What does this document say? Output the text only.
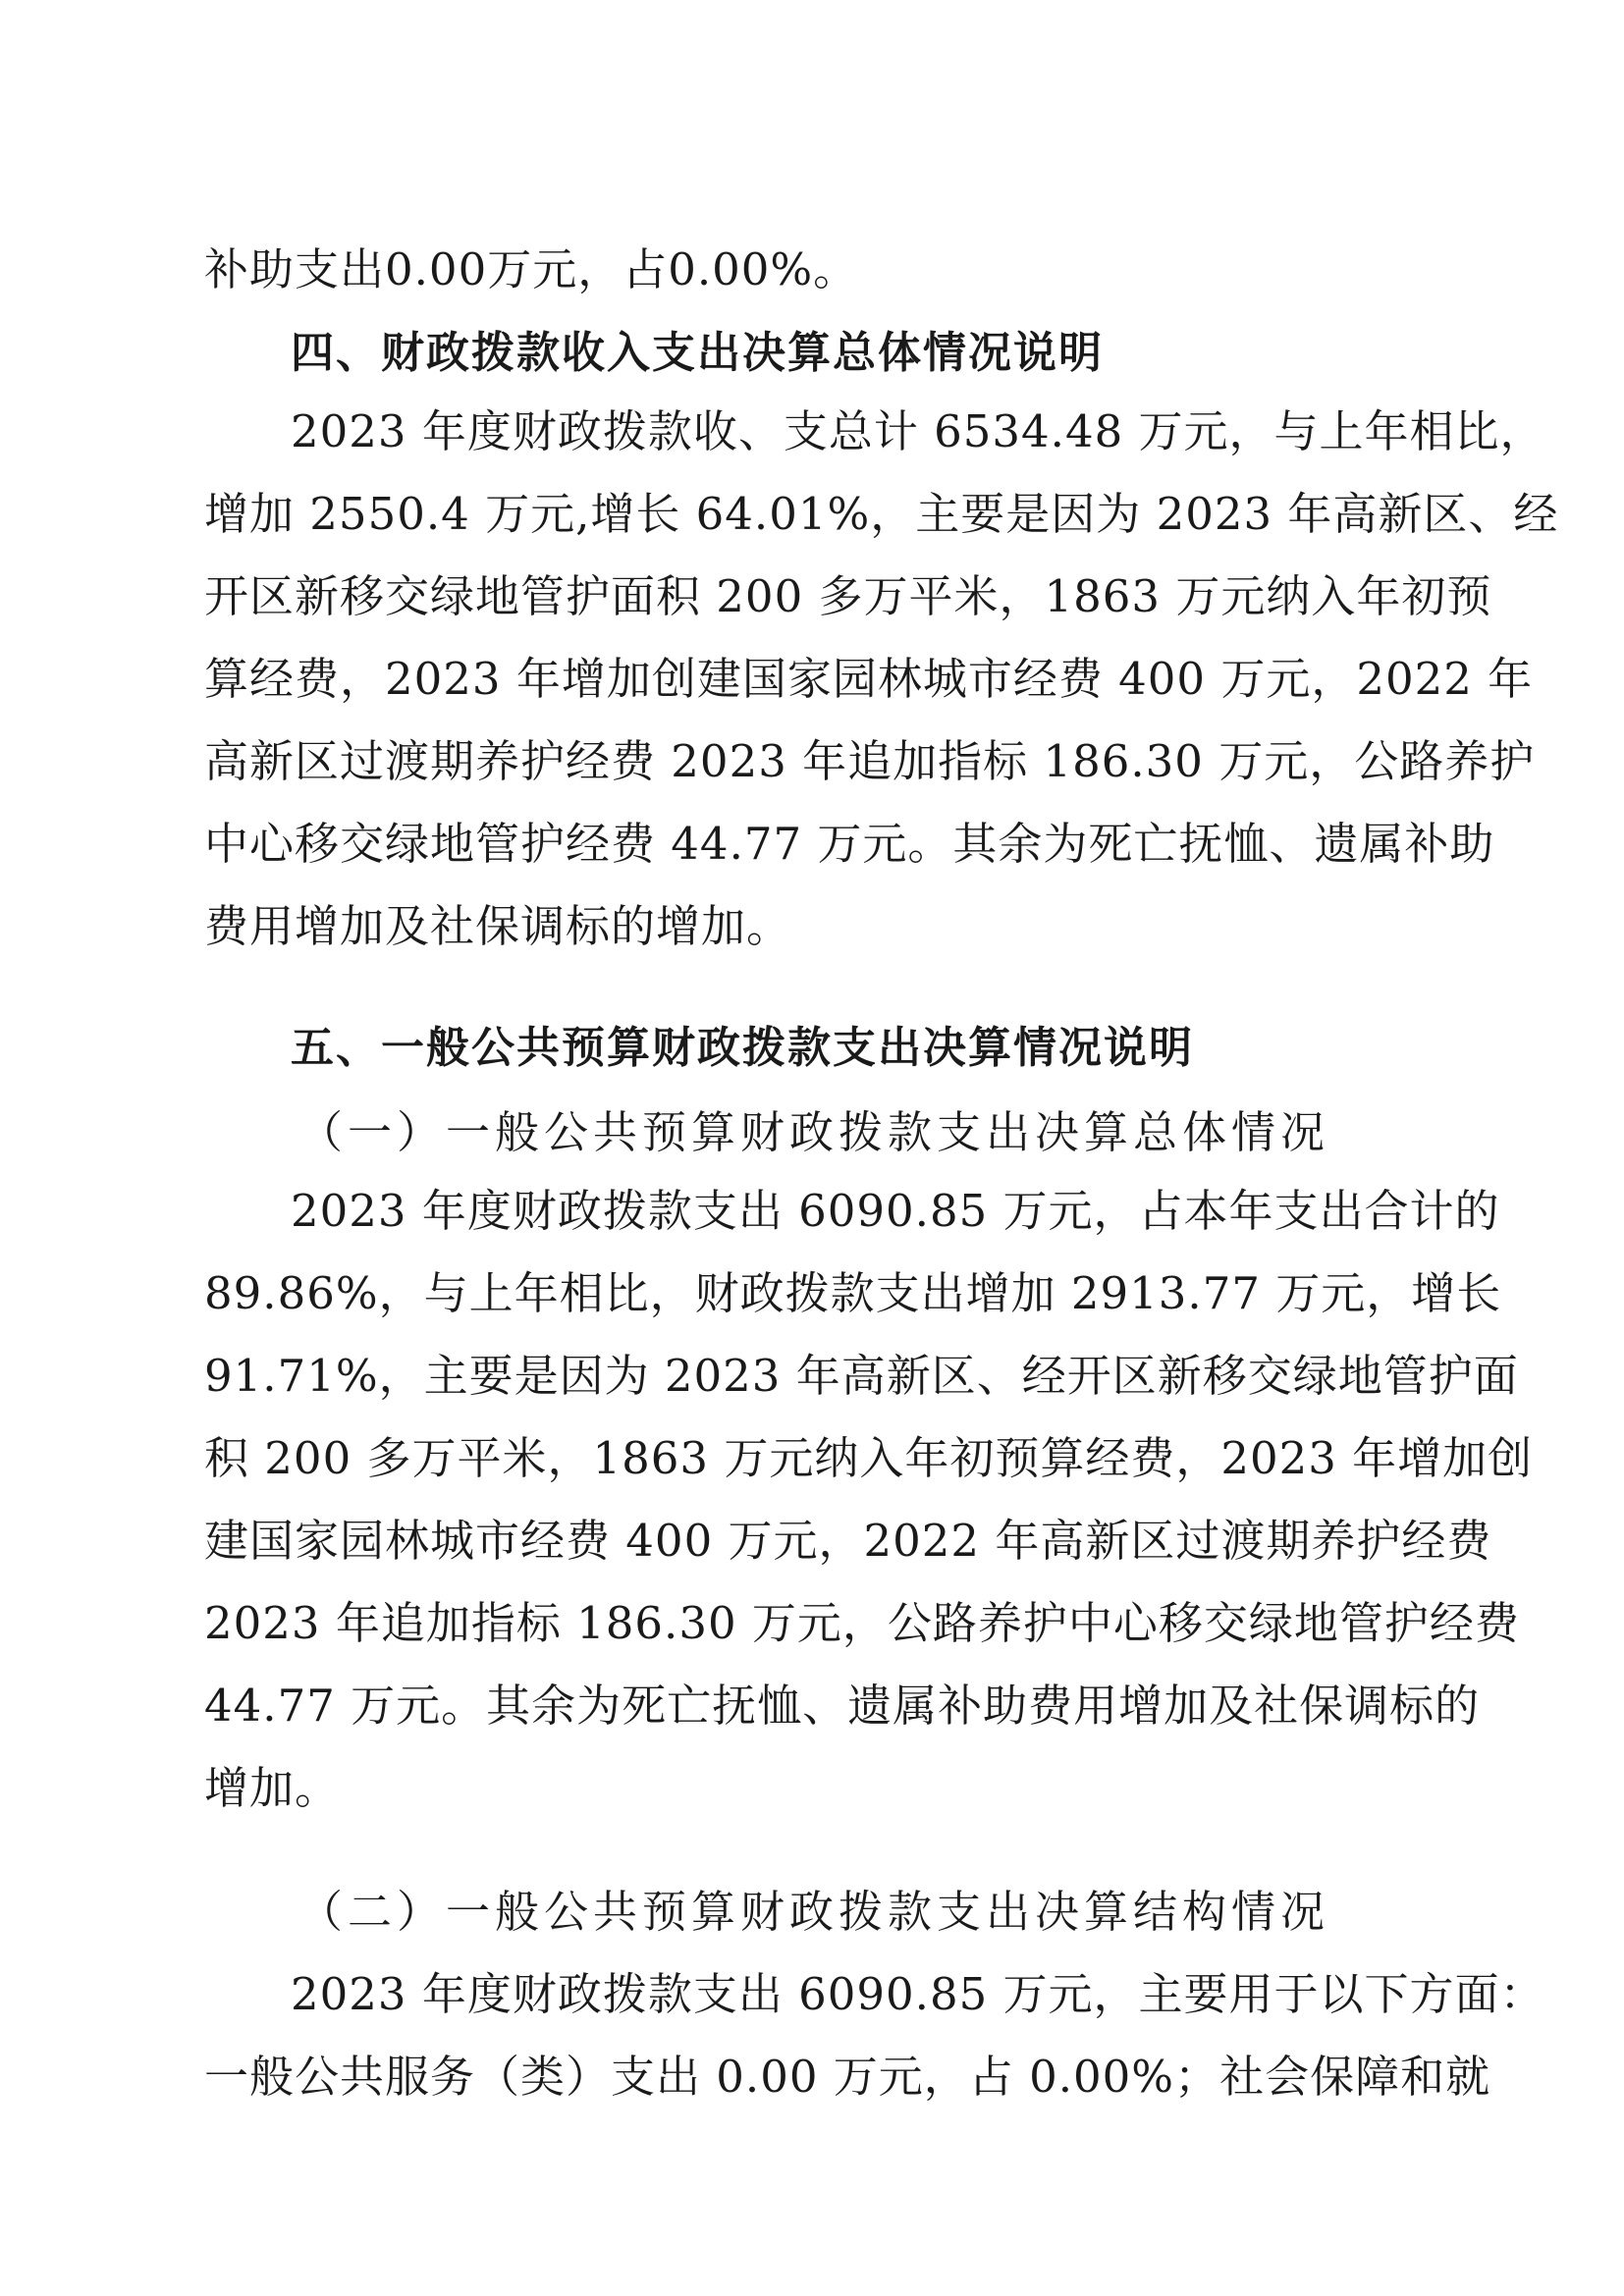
补助支出0.00万元，占0.00%。
四、财政拨款收入支出决算总体情况说明
2023 年度财政拨款收、支总计 6534.48 万元，与上年相比，
增加 2550.4 万元,增长 64.01%，主要是因为 2023 年高新区、经
开区新移交绿地管护面积 200 多万平米，1863 万元纳入年初预
算经费，2023 年增加创建国家园林城市经费 400 万元，2022 年
高新区过渡期养护经费 2023 年追加指标 186.30 万元，公路养护
中心移交绿地管护经费 44.77 万元。其余为死亡抚恤、遗属补助
费用增加及社保调标的增加。
五、一般公共预算财政拨款支出决算情况说明
（一）一般公共预算财政拨款支出决算总体情况
2023 年度财政拨款支出 6090.85 万元，占本年支出合计的
89.86%，与上年相比，财政拨款支出增加 2913.77 万元，增长
91.71%，主要是因为 2023 年高新区、经开区新移交绿地管护面
积 200 多万平米，1863 万元纳入年初预算经费，2023 年增加创
建国家园林城市经费 400 万元，2022 年高新区过渡期养护经费
2023 年追加指标 186.30 万元，公路养护中心移交绿地管护经费
44.77 万元。其余为死亡抚恤、遗属补助费用增加及社保调标的
增加。
（二）一般公共预算财政拨款支出决算结构情况
2023 年度财政拨款支出 6090.85 万元，主要用于以下方面：
一般公共服务（类）支出 0.00 万元，占 0.00%；社会保障和就
